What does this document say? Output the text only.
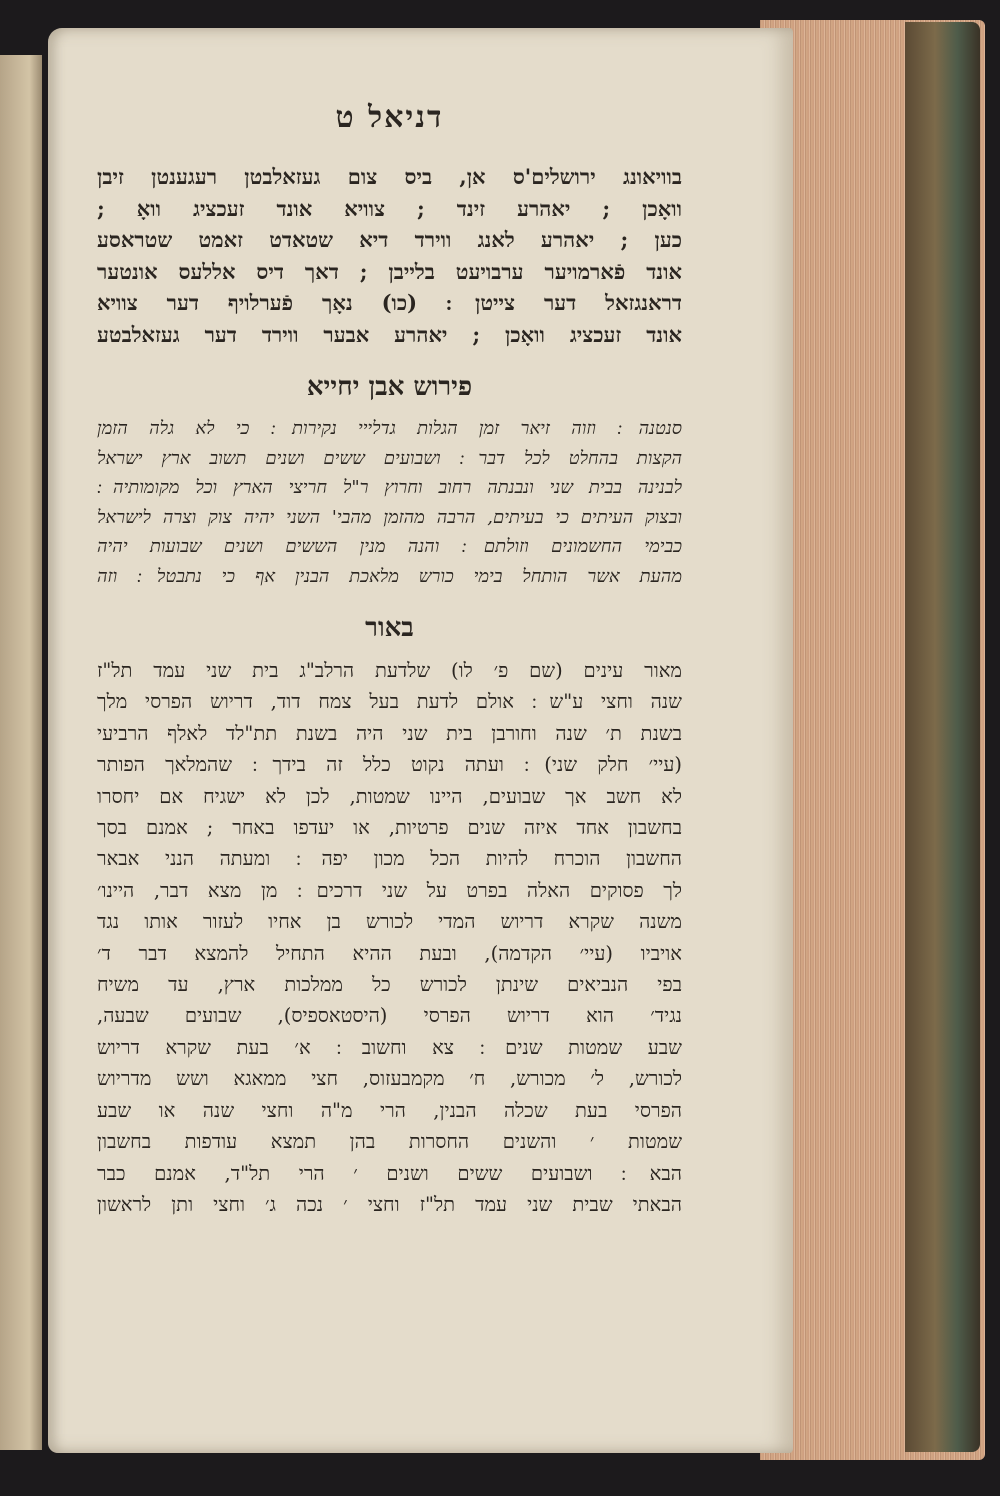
דניאל ט

בוויאונג ירושלים'ס אן, ביס צום געזאלבטן רעגענטן זיבן

וואָכן ; יאהרע זינד ; צוויא אונד זעכציג וואָ ;

כען ; יאהרע לאנג ווירד דיא שטאדט זאמט שטראסע

אונד פֿארמויער ערבויעט בלייבן ; דאך דיס אללעס אונטער

דראנגזאל דער צייטן ׃ (כו) נאָך פֿערלויף דער צוויא

אונד זעכציג וואָכן ; יאהרע אבער ווירד דער געזאלבטע

פירוש אבן יחייא

סנטנה ׃ וזוה זיאר זמן הגלות גדלייי נקירות ׃ כי לא גלה הזמן

הקצות בהחלט לכל דבר ׃ ושבועים ששים ושנים תשוב ארץ ישראל

לבנינה בבית שני ונבנתה רחוב וחרוץ ר"ל חריצי הארץ וכל מקומותיה ׃

ובצוק העיתים כי בעיתים, הרבה מהזמן מהבי' השני יהיה צוק וצרה לישראל

כבימי החשמונים וזולתם ׃ והנה מנין הששים ושנים שבועות יהיה

מהעת אשר הותחל בימי כורש מלאכת הבנין אף כי נתבטל ׃ וזה

באור

מאור עינים (שם פ׳ לו) שלדעת הרלב"ג בית שני עמד תל"ז

שנה וחצי ע"ש ׃ אולם לדעת בעל צמח דוד, דריוש הפרסי מלך

בשנת ת׳ שנה וחורבן בית שני היה בשנת תת"לד לאלף הרביעי

(עיי׳ חלק שני) ׃ ועתה נקוט כלל זה בידך ׃ שהמלאך הפותר

לא חשב אך שבועים, היינו שמטות, לכן לא ישגיח אם יחסרו

בחשבון אחד איזה שנים פרטיות, או יעדפו באחר ; אמנם בסך

החשבון הוכרח להיות הכל מכון יפה ׃ ומעתה הנני אבאר

לך פסוקים האלה בפרט על שני דרכים ׃ מן מצא דבר, היינו׳

משנה שקרא דריוש המדי לכורש בן אחיו לעזור אותו נגד

אויביו (עיי׳ הקדמה), ובעת ההיא התחיל להמצא דבר ד׳

בפי הנביאים שינתן לכורש כל ממלכות ארץ, עד משיח

נגיד׳ הוא דריוש הפרסי (היסטאספיס), שבועים שבעה,

שבע שמטות שנים ׃ צא וחשוב ׃ א׳ בעת שקרא דריוש

לכורש, ל׳ מכורש, ח׳ מקמבעזוס, חצי ממאגא ושש מדריוש

הפרסי בעת שכלה הבנין, הרי מ"ה וחצי שנה או שבע

שמטות ׳ והשנים החסרות בהן תמצא עודפות בחשבון

הבא ׃ ושבועים ששים ושנים ׳ הרי תל"ד, אמנם כבר

הבאתי שבית שני עמד תל"ז וחצי ׳ נכה ג׳ וחצי ותן לראשון
